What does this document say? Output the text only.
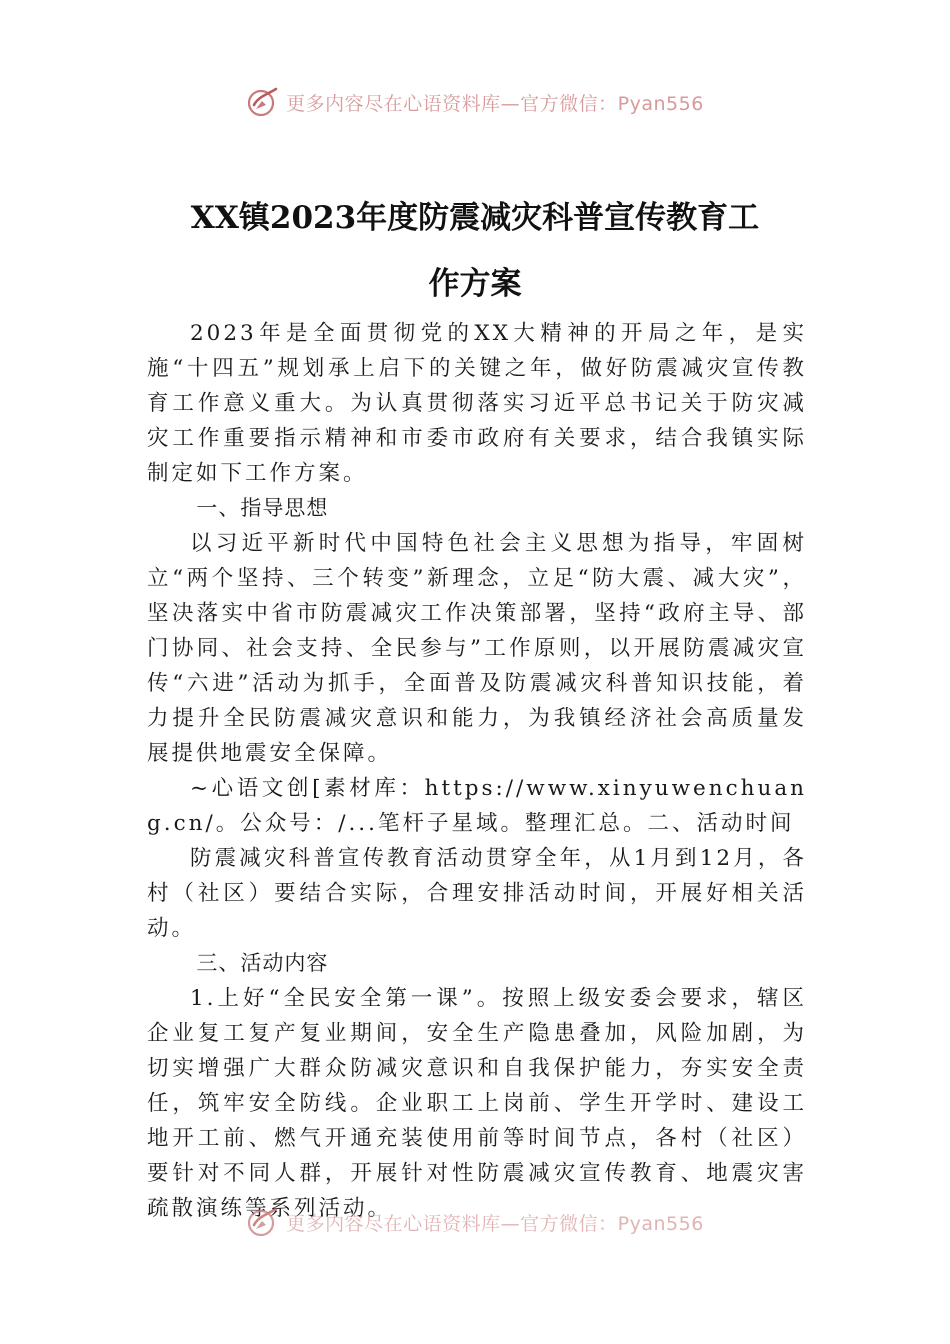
更多内容尽在心语资料库—官方微信：Pyan556
XX镇2023年度防震减灾科普宣传教育工
作方案

2023年是全面贯彻党的XX大精神的开局之年，是实施“十四五”规划承上启下的关键之年，做好防震减灾宣传教育工作意义重大。为认真贯彻落实习近平总书记关于防灾减灾工作重要指示精神和市委市政府有关要求，结合我镇实际制定如下工作方案。

一、指导思想

以习近平新时代中国特色社会主义思想为指导，牢固树立“两个坚持、三个转变”新理念，立足“防大震、减大灾”，坚决落实中省市防震减灾工作决策部署，坚持“政府主导、部门协同、社会支持、全民参与”工作原则，以开展防震减灾宣传“六进”活动为抓手，全面普及防震减灾科普知识技能，着力提升全民防震减灾意识和能力，为我镇经济社会高质量发展提供地震安全保障。

~心语文创[素材库：https://www.xinyuwenchuang.cn/。公众号：/...笔杆子星域。整理汇总。二、活动时间

防震减灾科普宣传教育活动贯穿全年，从1月到12月，各村（社区）要结合实际，合理安排活动时间，开展好相关活动。

三、活动内容

1.上好“全民安全第一课”。按照上级安委会要求，辖区企业复工复产复业期间，安全生产隐患叠加，风险加剧，为切实增强广大群众防减灾意识和自我保护能力，夯实安全责任，筑牢安全防线。企业职工上岗前、学生开学时、建设工地开工前、燃气开通充装使用前等时间节点，各村（社区）要针对不同人群，开展针对性防震减灾宣传教育、地震灾害疏散演练等系列活动。

更多内容尽在心语资料库—官方微信：Pyan556
